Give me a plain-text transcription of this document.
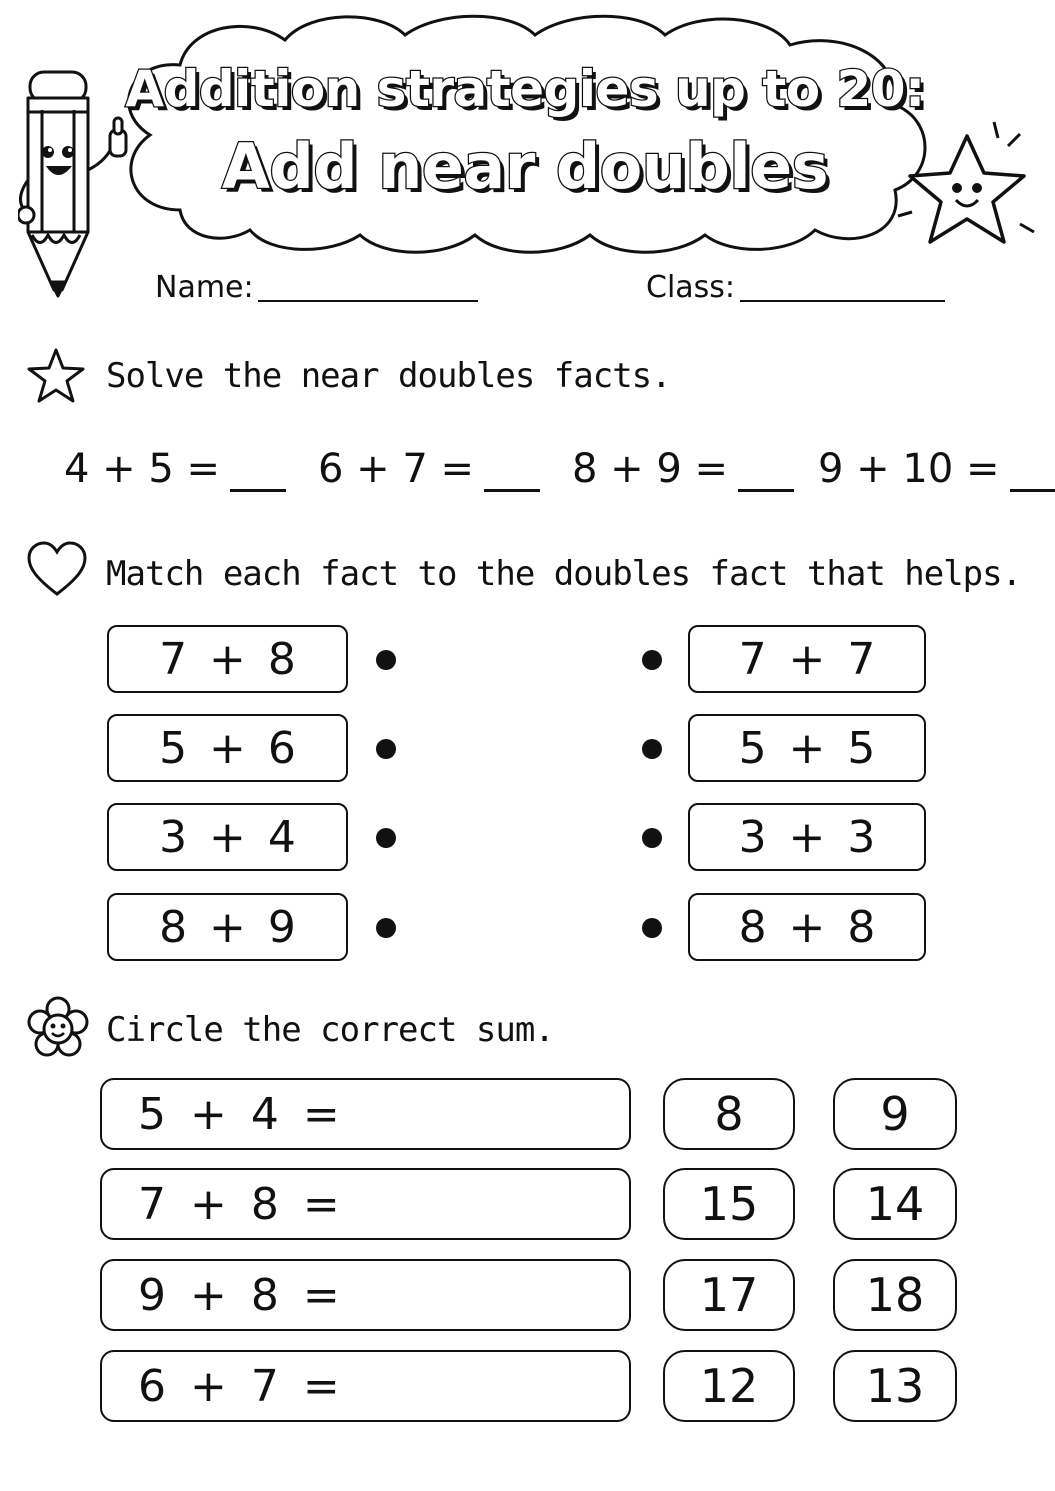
Addition strategies up to 20:
Add near doubles
Name:	Class:
Solve the near doubles facts.
4 + 5 = 6 + 7 = 8 + 9 = 9 + 10 =
Match each fact to the doubles fact that helps.
7 + 8
5 + 6
3 + 4
8 + 9
7 + 7
5 + 5
3 + 3
8 + 8
Circle the correct sum.
5 + 4 =	8	9
7 + 8 =	15	14
9 + 8 =	17	18
6 + 7 =	12	13
